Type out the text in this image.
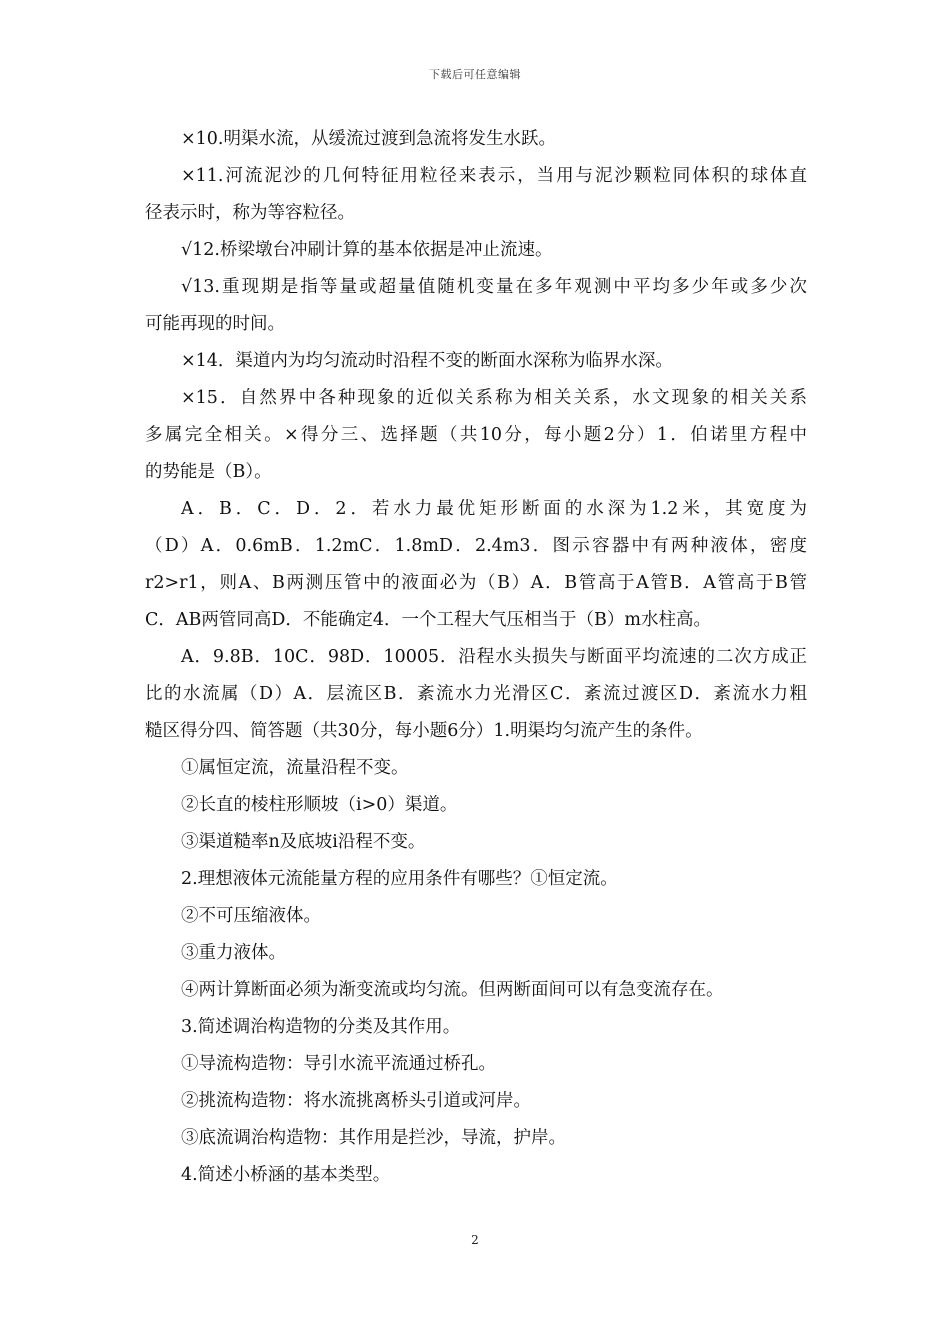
下载后可任意编辑
×10.明渠水流，从缓流过渡到急流将发生水跃。
×11.河流泥沙的几何特征用粒径来表示，当用与泥沙颗粒同体积的球体直
径表示时，称为等容粒径。
√12.桥梁墩台冲刷计算的基本依据是冲止流速。
√13.重现期是指等量或超量值随机变量在多年观测中平均多少年或多少次
可能再现的时间。
×14．渠道内为均匀流动时沿程不变的断面水深称为临界水深。
×15．自然界中各种现象的近似关系称为相关关系，水文现象的相关关系
多属完全相关。×得分三、选择题（共10分，每小题2分）1．伯诺里方程中
的势能是（B）。
A．B．C．D．2．若水力最优矩形断面的水深为1.2米，其宽度为
（D）A．0.6mB．1.2mC．1.8mD．2.4m3．图示容器中有两种液体，密度
r2>r1，则A、B两测压管中的液面必为（B）A．B管高于A管B．A管高于B管
C．AB两管同高D．不能确定4．一个工程大气压相当于（B）m水柱高。
A．9.8B．10C．98D．10005．沿程水头损失与断面平均流速的二次方成正
比的水流属（D）A．层流区B．紊流水力光滑区C．紊流过渡区D．紊流水力粗
糙区得分四、简答题（共30分，每小题6分）1.明渠均匀流产生的条件。
①属恒定流，流量沿程不变。
②长直的棱柱形顺坡（i>0）渠道。
③渠道糙率n及底坡i沿程不变。
2.理想液体元流能量方程的应用条件有哪些？①恒定流。
②不可压缩液体。
③重力液体。
④两计算断面必须为渐变流或均匀流。但两断面间可以有急变流存在。
3.简述调治构造物的分类及其作用。
①导流构造物：导引水流平流通过桥孔。
②挑流构造物：将水流挑离桥头引道或河岸。
③底流调治构造物：其作用是拦沙，导流，护岸。
4.简述小桥涵的基本类型。
2
